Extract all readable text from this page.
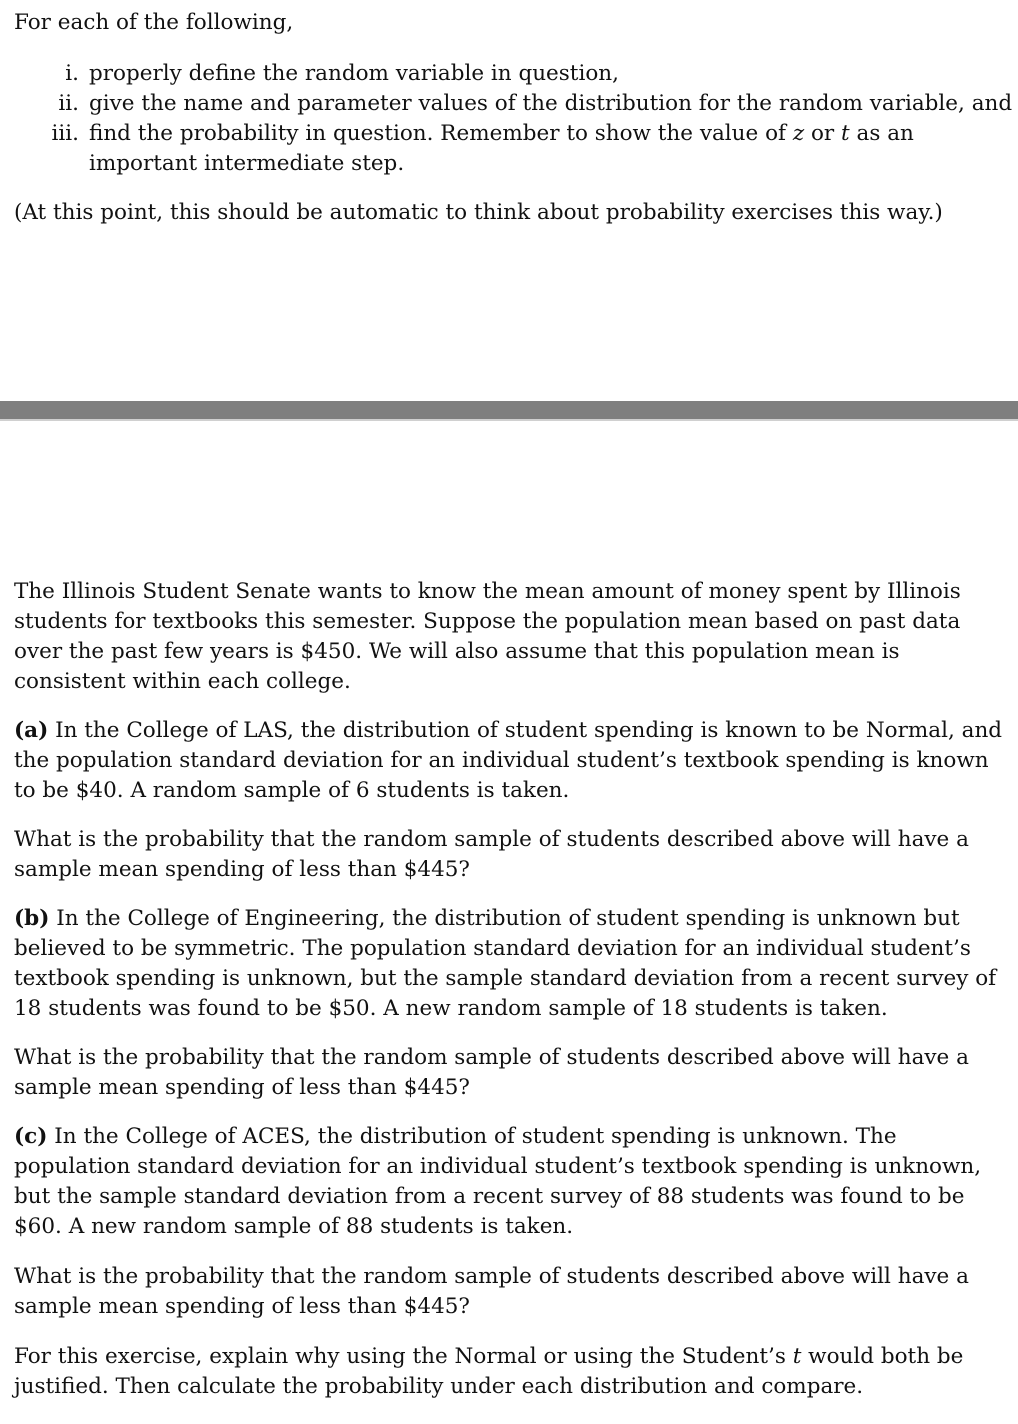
For each of the following,

i. properly define the random variable in question,
ii. give the name and parameter values of the distribution for the random variable, and
iii. find the probability in question. Remember to show the value of z or t as an important intermediate step.

(At this point, this should be automatic to think about probability exercises this way.)

The Illinois Student Senate wants to know the mean amount of money spent by Illinois students for textbooks this semester. Suppose the population mean based on past data over the past few years is $450. We will also assume that this population mean is consistent within each college.

(a) In the College of LAS, the distribution of student spending is known to be Normal, and the population standard deviation for an individual student’s textbook spending is known to be $40. A random sample of 6 students is taken.

What is the probability that the random sample of students described above will have a sample mean spending of less than $445?

(b) In the College of Engineering, the distribution of student spending is unknown but believed to be symmetric. The population standard deviation for an individual student’s textbook spending is unknown, but the sample standard deviation from a recent survey of 18 students was found to be $50. A new random sample of 18 students is taken.

What is the probability that the random sample of students described above will have a sample mean spending of less than $445?

(c) In the College of ACES, the distribution of student spending is unknown. The population standard deviation for an individual student’s textbook spending is unknown, but the sample standard deviation from a recent survey of 88 students was found to be $60. A new random sample of 88 students is taken.

What is the probability that the random sample of students described above will have a sample mean spending of less than $445?

For this exercise, explain why using the Normal or using the Student’s t would both be justified. Then calculate the probability under each distribution and compare.
